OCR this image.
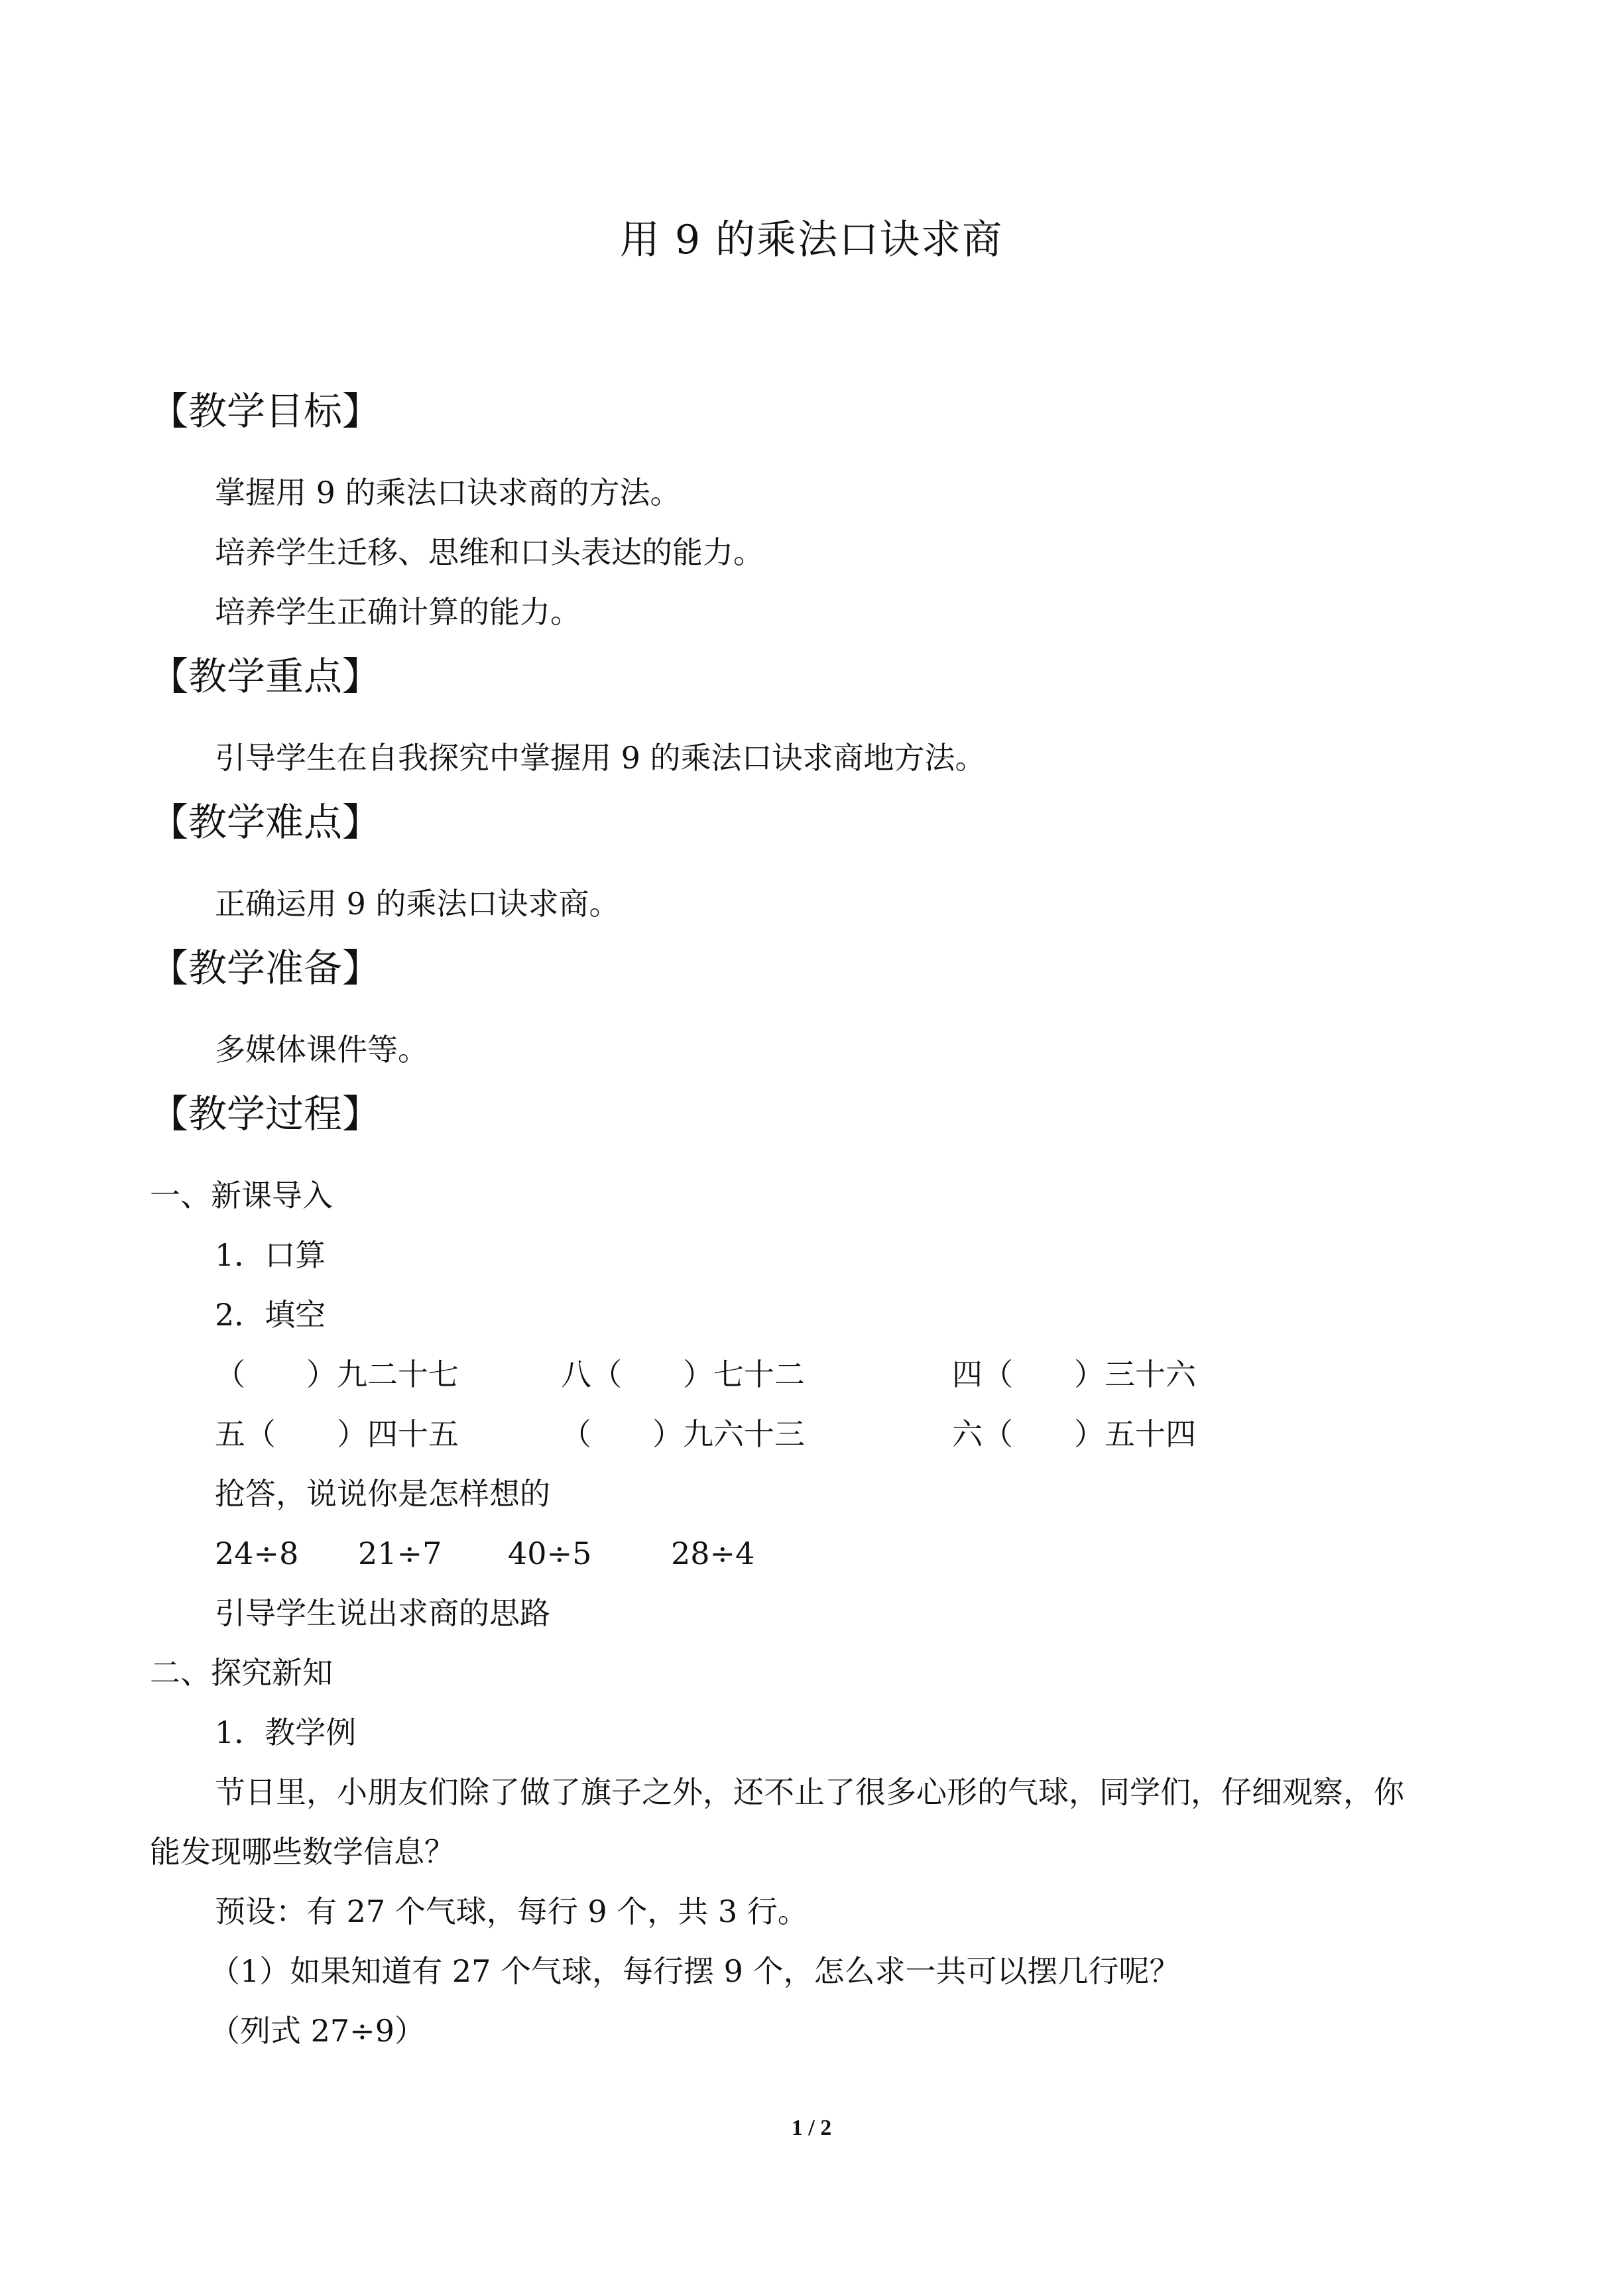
用 9 的乘法口诀求商
【教学目标】
掌握用 9 的乘法口诀求商的方法。
培养学生迁移、思维和口头表达的能力。
培养学生正确计算的能力。
【教学重点】
引导学生在自我探究中掌握用 9 的乘法口诀求商地方法。
【教学难点】
正确运用 9 的乘法口诀求商。
【教学准备】
多媒体课件等。
【教学过程】
一、新课导入
1．口算
2．填空
（　　）九二十七	八（　　）七十二	四（　　）三十六
五（　　）四十五	（　　）九六十三	六（　　）五十四
抢答，说说你是怎样想的
24÷8 21÷7 40÷5	28÷4
引导学生说出求商的思路
二、探究新知
1．教学例
节日里，小朋友们除了做了旗子之外，还不止了很多心形的气球，同学们，仔细观察，你
能发现哪些数学信息？
预设：有 27 个气球，每行 9 个，共 3 行。
（1）如果知道有 27 个气球，每行摆 9 个，怎么求一共可以摆几行呢？
（列式 27÷9）
1 / 2
